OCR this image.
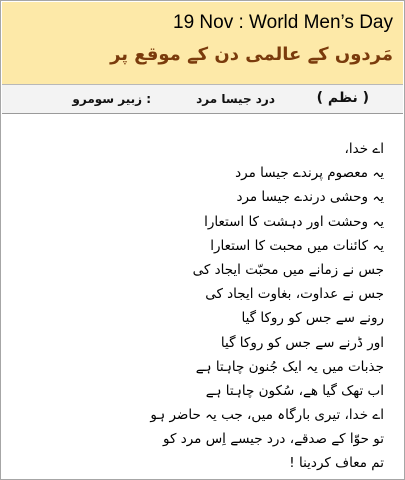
19 Nov : World Men’s Day
مَردوں کے عالمی دن کے موقع پر
( نظم )
درد جیسا مرد
: زبیر سومرو
اے خدا،
یہ معصوم پرندے جیسا مرد
یہ وحشی درندے جیسا مرد
یہ وحشت اور دہشت کا استعارا
یہ کائنات میں محبت کا استعارا
جس نے زمانے میں محبّت ایجاد کی
جس نے عداوت، بغاوت ایجاد کی
رونے سے جس کو روکا گیا
اور ڈرنے سے جس کو روکا گیا
جذبات میں یہ ایک جُنون چاہتا ہے
اب تھک گیا ھے، سُکون چاہتا ہے
اے خدا، تیری بارگاہ میں، جب یہ حاضر ہو
تو حوّا کے صدقے، درد جیسے اِس مرد کو
تم معاف کردینا !
